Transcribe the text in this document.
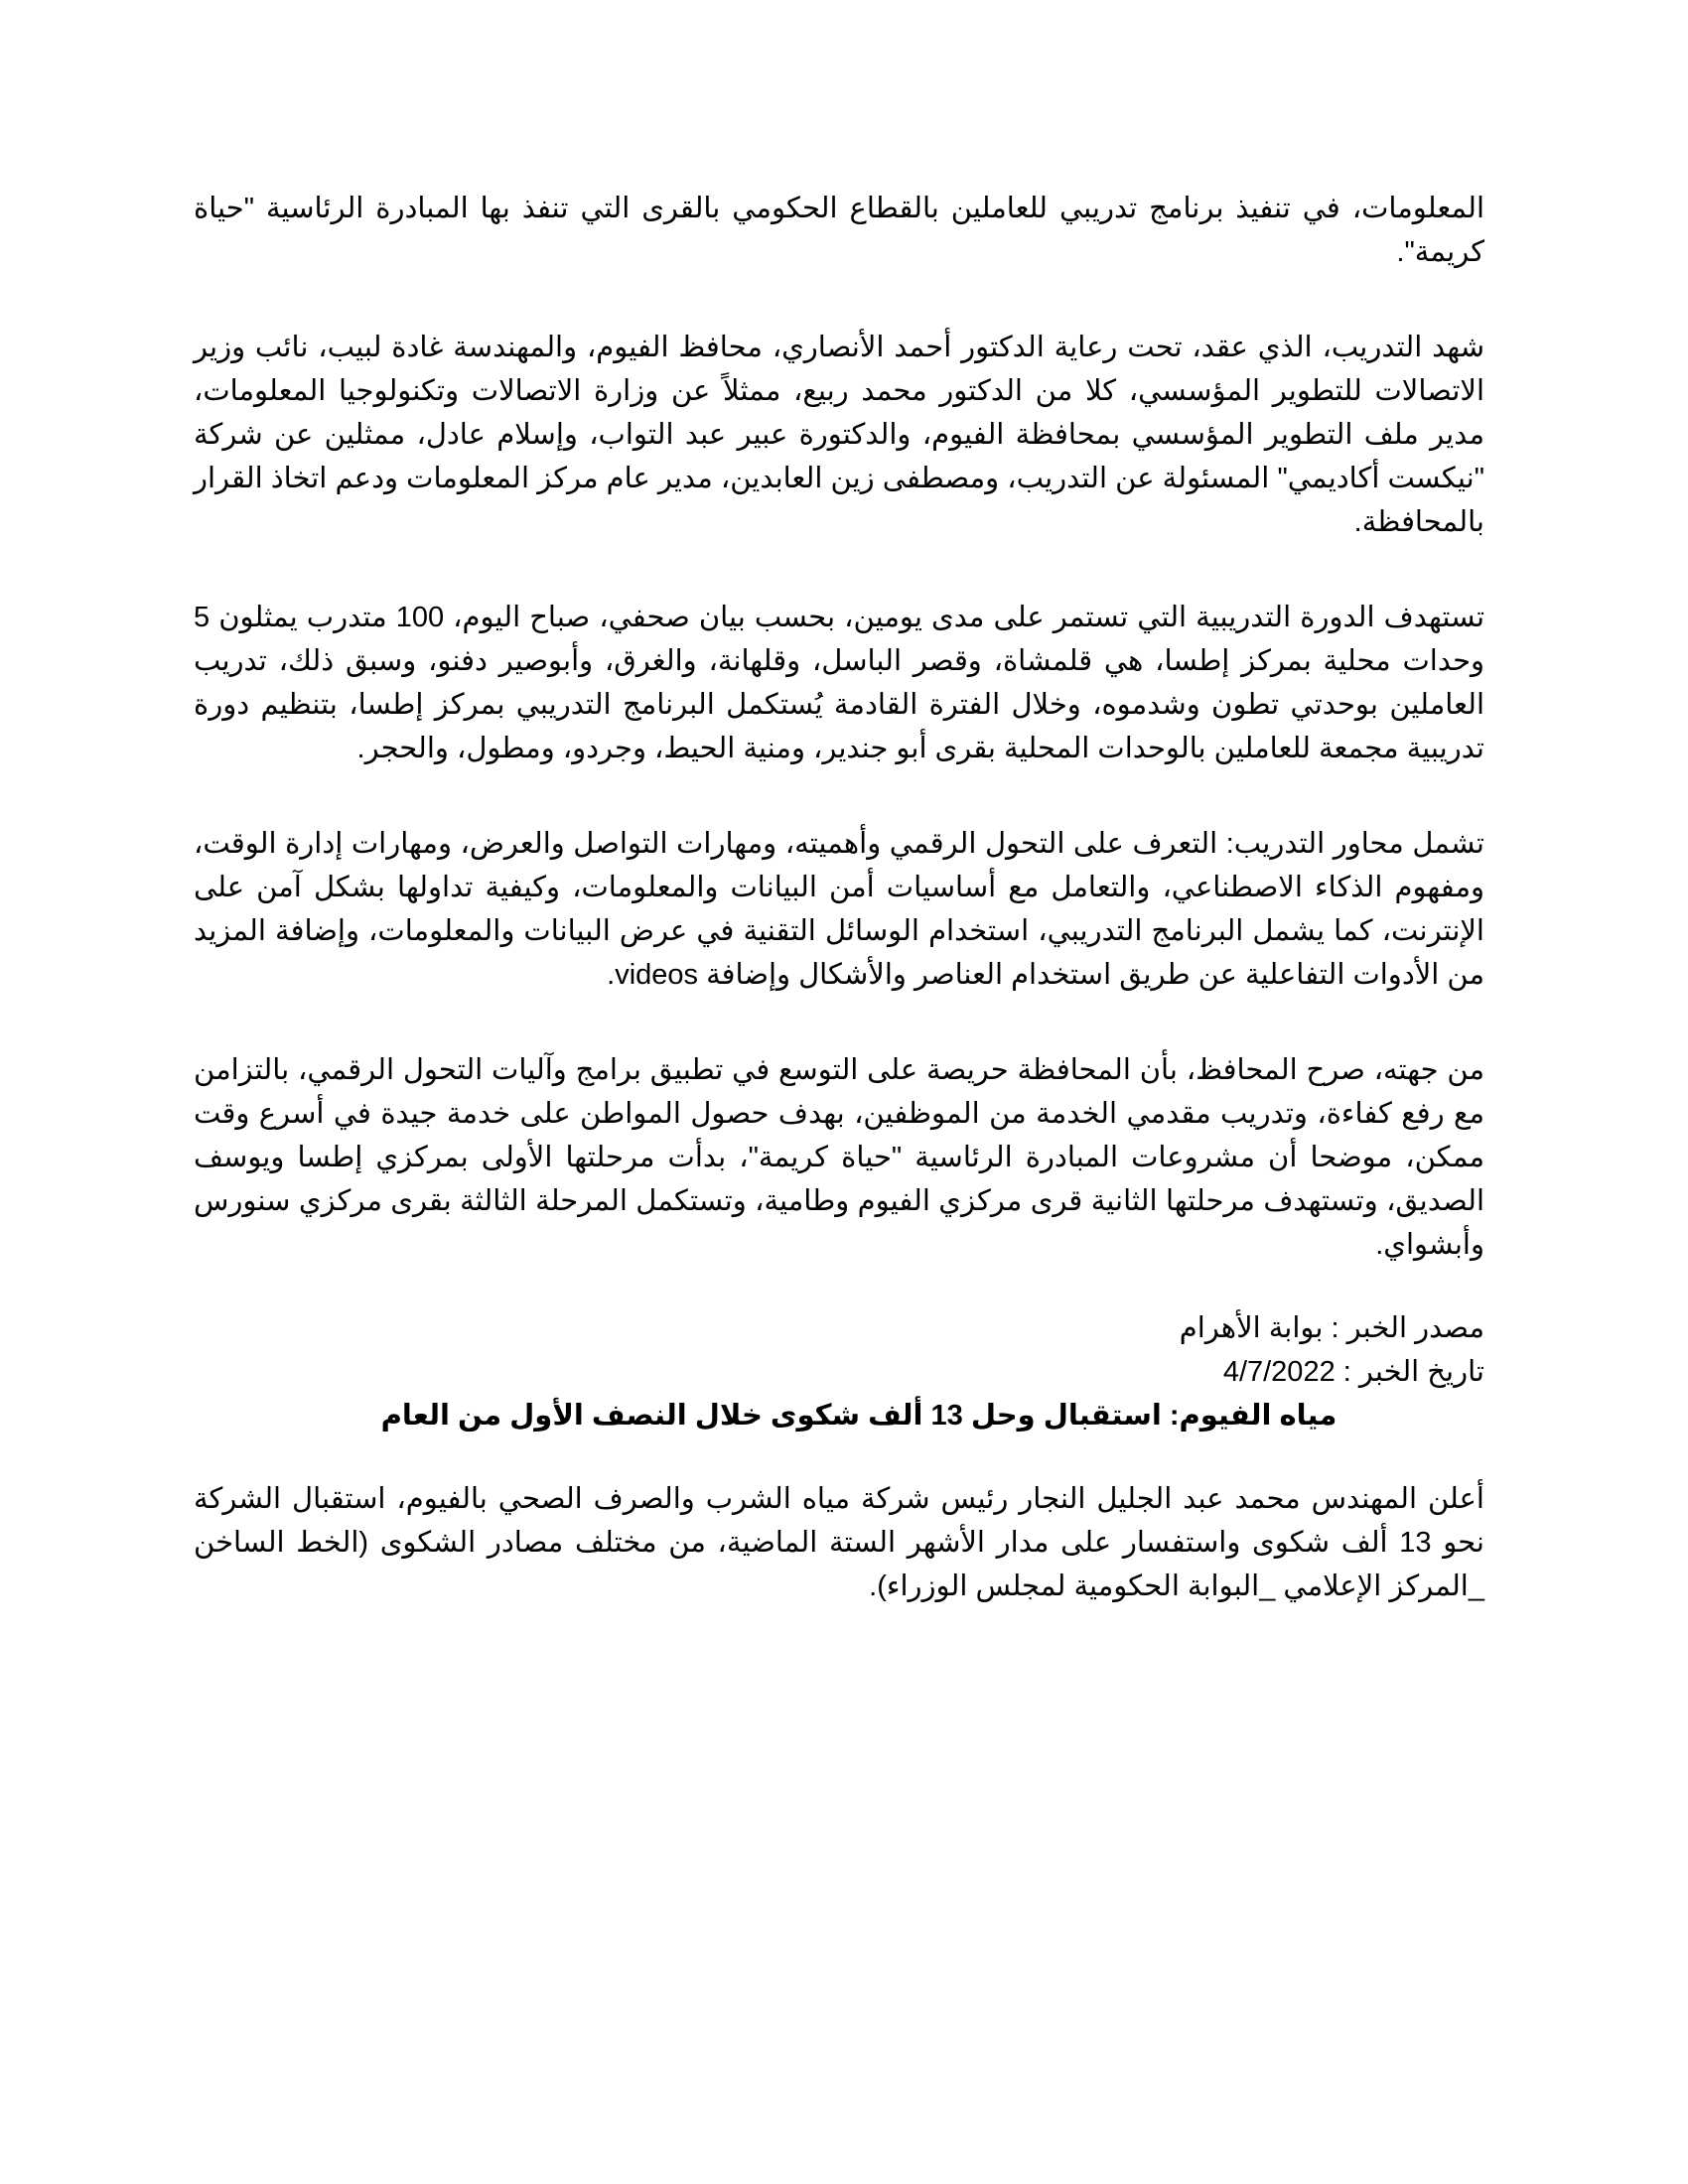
المعلومات، في تنفيذ برنامج تدريبي للعاملين بالقطاع الحكومي بالقرى التي تنفذ بها المبادرة الرئاسية "حياة كريمة".

شهد التدريب، الذي عقد، تحت رعاية الدكتور أحمد الأنصاري، محافظ الفيوم، والمهندسة غادة لبيب، نائب وزير الاتصالات للتطوير المؤسسي، كلا من الدكتور محمد ربيع، ممثلاً عن وزارة الاتصالات وتكنولوجيا المعلومات، مدير ملف التطوير المؤسسي بمحافظة الفيوم، والدكتورة عبير عبد التواب، وإسلام عادل، ممثلين عن شركة "نيكست أكاديمي" المسئولة عن التدريب، ومصطفى زين العابدين، مدير عام مركز المعلومات ودعم اتخاذ القرار بالمحافظة.

تستهدف الدورة التدريبية التي تستمر على مدى يومين، بحسب بيان صحفي، صباح اليوم، 100 متدرب يمثلون 5 وحدات محلية بمركز إطسا، هي قلمشاة، وقصر الباسل، وقلهانة، والغرق، وأبوصير دفنو، وسبق ذلك، تدريب العاملين بوحدتي تطون وشدموه، وخلال الفترة القادمة يُستكمل البرنامج التدريبي بمركز إطسا، بتنظيم دورة تدريبية مجمعة للعاملين بالوحدات المحلية بقرى أبو جندير، ومنية الحيط، وجردو، ومطول، والحجر.

تشمل محاور التدريب: التعرف على التحول الرقمي وأهميته، ومهارات التواصل والعرض، ومهارات إدارة الوقت، ومفهوم الذكاء الاصطناعي، والتعامل مع أساسيات أمن البيانات والمعلومات، وكيفية تداولها بشكل آمن على الإنترنت، كما يشمل البرنامج التدريبي، استخدام الوسائل التقنية في عرض البيانات والمعلومات، وإضافة المزيد من الأدوات التفاعلية عن طريق استخدام العناصر والأشكال وإضافة videos.

من جهته، صرح المحافظ، بأن المحافظة حريصة على التوسع في تطبيق برامج وآليات التحول الرقمي، بالتزامن مع رفع كفاءة، وتدريب مقدمي الخدمة من الموظفين، بهدف حصول المواطن على خدمة جيدة في أسرع وقت ممكن، موضحا أن مشروعات المبادرة الرئاسية "حياة كريمة"، بدأت مرحلتها الأولى بمركزي إطسا ويوسف الصديق، وتستهدف مرحلتها الثانية قرى مركزي الفيوم وطامية، وتستكمل المرحلة الثالثة بقرى مركزي سنورس وأبشواي.

مصدر الخبر : بوابة الأهرام

تاريخ الخبر : 4/7/2022

مياه الفيوم: استقبال وحل 13 ألف شكوى خلال النصف الأول من العام

أعلن المهندس محمد عبد الجليل النجار رئيس شركة مياه الشرب والصرف الصحي بالفيوم، استقبال الشركة نحو 13 ألف شكوى واستفسار على مدار الأشهر الستة الماضية، من مختلف مصادر الشكوى (الخط الساخن _المركز الإعلامي _البوابة الحكومية لمجلس الوزراء).
